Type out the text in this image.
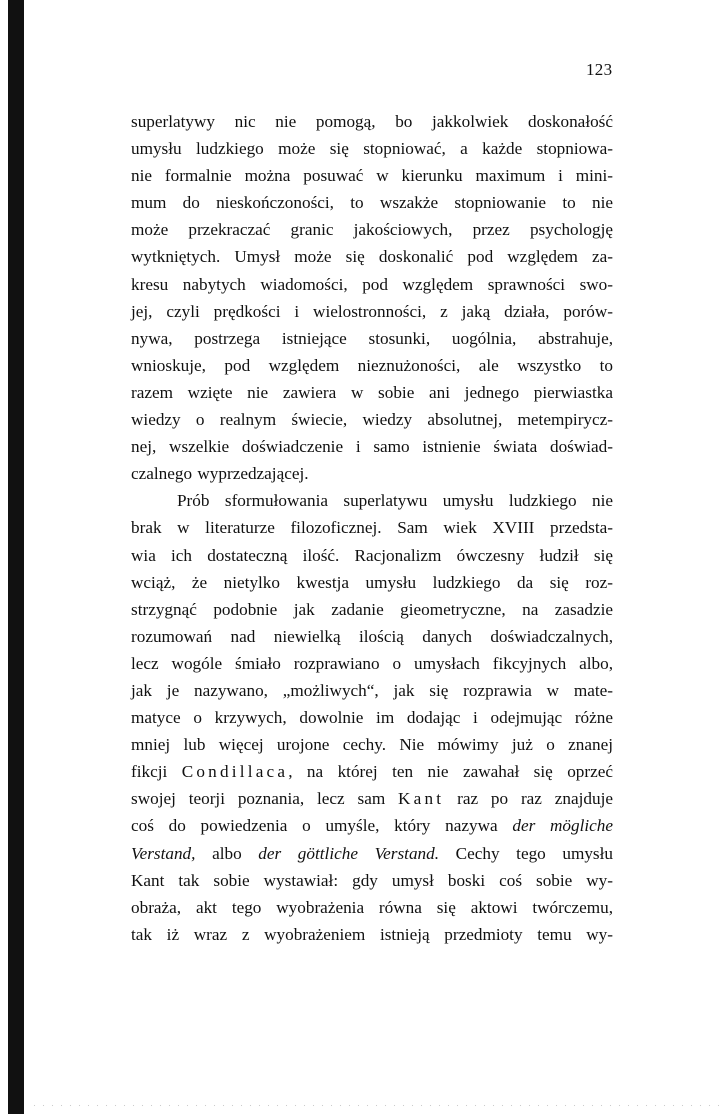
123
superlatywy nic nie pomogą, bo jakkolwiek doskonałość
umysłu ludzkiego może się stopniować, a każde stopniowa-
nie formalnie można posuwać w kierunku maximum i mini-
mum do nieskończoności, to wszakże stopniowanie to nie
może przekraczać granic jakościowych, przez psychologję
wytkniętych. Umysł może się doskonalić pod względem za-
kresu nabytych wiadomości, pod względem sprawności swo-
jej, czyli prędkości i wielostronności, z jaką działa, porów-
nywa, postrzega istniejące stosunki, uogólnia, abstrahuje,
wnioskuje, pod względem nieznużoności, ale wszystko to
razem wzięte nie zawiera w sobie ani jednego pierwiastka
wiedzy o realnym świecie, wiedzy absolutnej, metempirycz-
nej, wszelkie doświadczenie i samo istnienie świata doświad-
czalnego wyprzedzającej.
Prób sformułowania superlatywu umysłu ludzkiego nie
brak w literaturze filozoficznej. Sam wiek XVIII przedsta-
wia ich dostateczną ilość. Racjonalizm ówczesny łudził się
wciąż, że nietylko kwestja umysłu ludzkiego da się roz-
strzygnąć podobnie jak zadanie gieometryczne, na zasadzie
rozumowań nad niewielką ilością danych doświadczalnych,
lecz wogóle śmiało rozprawiano o umysłach fikcyjnych albo,
jak je nazywano, „możliwych“, jak się rozprawia w mate-
matyce o krzywych, dowolnie im dodając i odejmując różne
mniej lub więcej urojone cechy. Nie mówimy już o znanej
fikcji Condillaca, na której ten nie zawahał się oprzeć
swojej teorji poznania, lecz sam Kant raz po raz znajduje
coś do powiedzenia o umyśle, który nazywa der mögliche
Verstand, albo der göttliche Verstand. Cechy tego umysłu
Kant tak sobie wystawiał: gdy umysł boski coś sobie wy-
obraża, akt tego wyobrażenia równa się aktowi twórczemu,
tak iż wraz z wyobrażeniem istnieją przedmioty temu wy-
